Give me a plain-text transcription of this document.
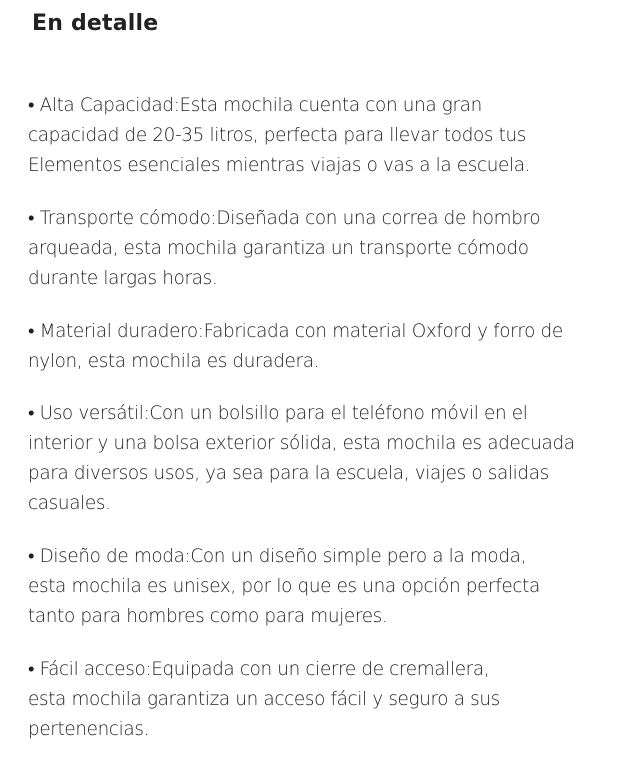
En detalle
• Alta Capacidad:Esta mochila cuenta con una gran
capacidad de 20-35 litros, perfecta para llevar todos tus
Elementos esenciales mientras viajas o vas a la escuela.
• Transporte cómodo:Diseñada con una correa de hombro
arqueada, esta mochila garantiza un transporte cómodo
durante largas horas.
• Material duradero:Fabricada con material Oxford y forro de
nylon, esta mochila es duradera.
• Uso versátil:Con un bolsillo para el teléfono móvil en el
interior y una bolsa exterior sólida, esta mochila es adecuada
para diversos usos, ya sea para la escuela, viajes o salidas
casuales.
• Diseño de moda:Con un diseño simple pero a la moda,
esta mochila es unisex, por lo que es una opción perfecta
tanto para hombres como para mujeres.
• Fácil acceso:Equipada con un cierre de cremallera,
esta mochila garantiza un acceso fácil y seguro a sus
pertenencias.
